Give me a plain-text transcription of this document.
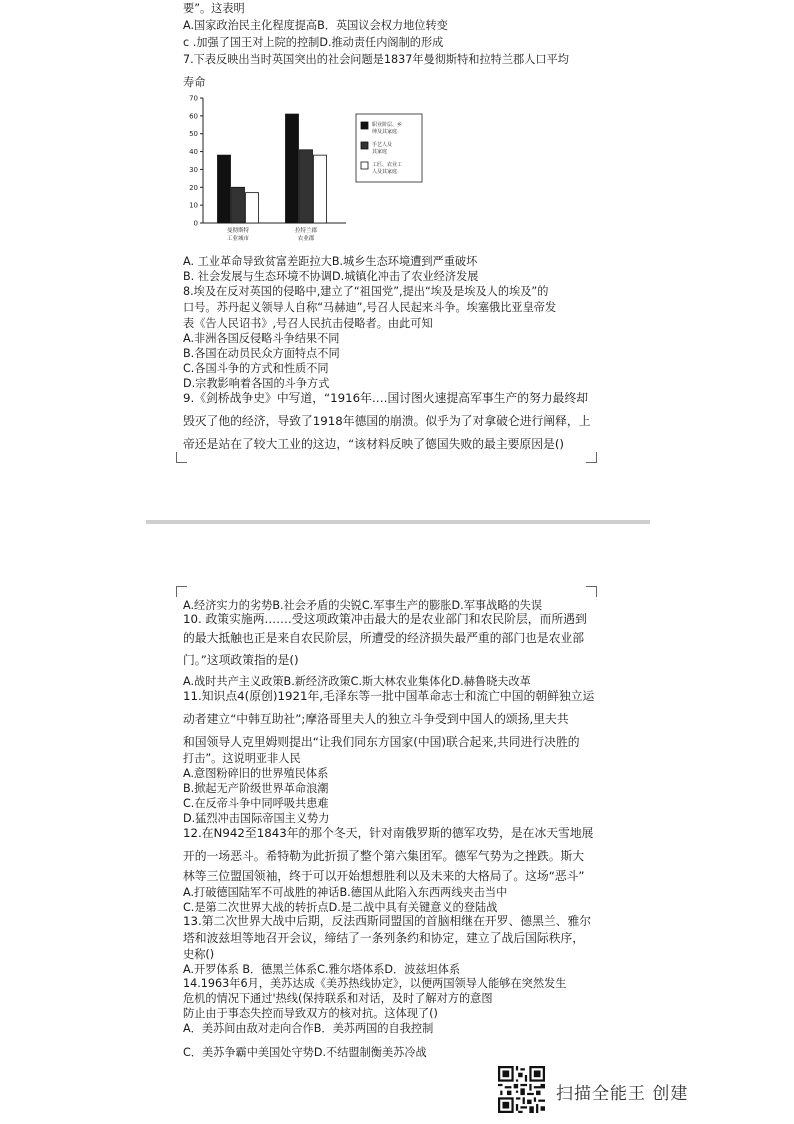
要”。这表明
A.国家政治民主化程度提高B．英国议会权力地位转变
c .加强了国王对上院的控制D.推动责任内阁制的形成
7.下表反映出当时英国突出的社会问题是1837年曼彻斯特和拉特兰郡人口平均
寿命
0
10
20
30
40
50
60
70
曼彻斯特
工业城市
拉特兰郡
农业郡
职业阶层、乡
绅及其家庭
手艺人及
其家庭
工匠、农业工
人及其家庭
A. 工业革命导致贫富差距拉大B.城乡生态环境遭到严重破坏
B. 社会发展与生态环境不协调D.城镇化冲击了农业经济发展
8.埃及在反对英国的侵略中,建立了“祖国党”,提出“埃及是埃及人的埃及”的
口号。苏丹起义领导人自称“马赫迪”,号召人民起来斗争。埃塞俄比亚皇帝发
表《告人民诏书》,号召人民抗击侵略者。由此可知
A.非洲各国反侵略斗争结果不同
B.各国在动员民众方面特点不同
C.各国斗争的方式和性质不同
D.宗教影响着各国的斗争方式
9.《剑桥战争史》中写道，“1916年.…国讨图火速提高军事生产的努力最终却
毁灭了他的经济，导致了1918年德国的崩溃。似乎为了对拿破仑进行阐释，上
帝还是站在了较大工业的这边，“该材料反映了德国失败的最主要原因是()
A.经济实力的劣势B.社会矛盾的尖锐C.军事生产的膨胀D.军事战略的失误
10. 政策实施两.……受这项政策冲击最大的是农业部门和农民阶层，而所遇到
的最大抵触也正是来自农民阶层，所遭受的经济损失最严重的部门也是农业部
门。”这项政策指的是()
A.战时共产主义政策B.新经济政策C.斯大林农业集体化D.赫鲁晓夫改革
11.知识点4(原创)1921年,毛泽东等一批中国革命志士和流亡中国的朝鲜独立运
动者建立“中韩互助社”;摩洛哥里夫人的独立斗争受到中国人的颂扬,里夫共
和国领导人克里姆则提出“让我们同东方国家(中国)联合起来,共同进行决胜的
打击”。这说明亚非人民
A.意图粉碎旧的世界殖民体系
B.掀起无产阶级世界革命浪潮
C.在反帝斗争中同呼吸共患难
D.猛烈冲击国际帝国主义势力
12.在N942至1843年的那个冬天，针对南俄罗斯的德军攻势，是在冰天雪地展
开的一场恶斗。希特勒为此折损了整个第六集团军。德军气势为之挫跌。斯大
林等三位盟国领袖，终于可以开始想想胜利以及未来的大格局了。这场“恶斗”
A.打破德国陆军不可战胜的神话B.德国从此陷入东西两线夹击当中
C.是第二次世界大战的转折点D.是二战中具有关键意义的登陆战
13.第二次世界大战中后期，反法西斯同盟国的首脑相继在开罗、德黑兰、雅尔
塔和波兹坦等地召开会议，缔结了一条列条约和协定，建立了战后国际秩序，
史称()
A.开罗体系 B．德黑兰体系C.雅尔塔体系D．波兹坦体系
14.1963年6月，美苏达成《美苏热线协定》，以便两国领导人能够在突然发生
危机的情况下通过'热线(保持联系和对话，及时了解对方的意图
防止由于事态失控而导致双方的核对抗。这体现了()
A．美苏间由敌对走向合作B．美苏两国的自我控制
C．美苏争霸中美国处守势D.不结盟制衡美苏冷战
扫描全能王 创建
